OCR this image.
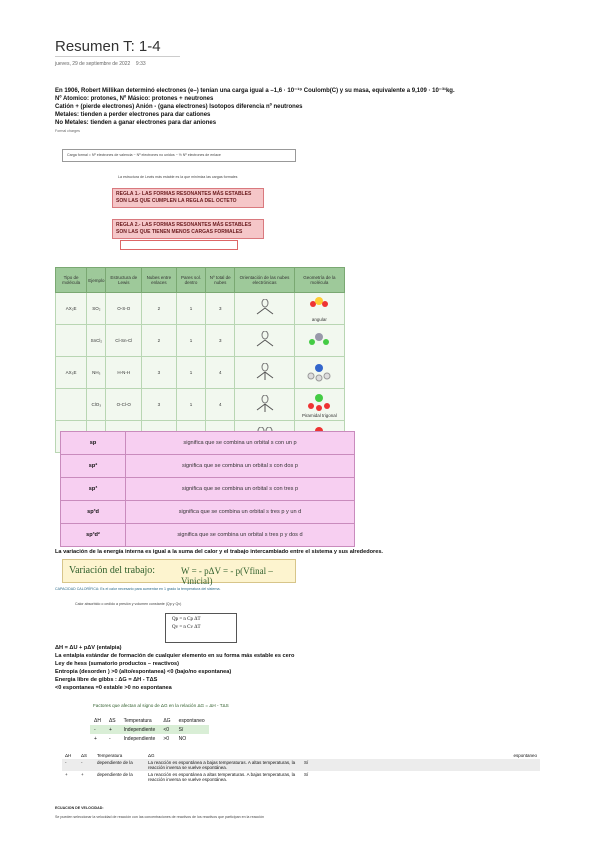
Resumen T: 1-4
jueves, 29 de septiembre de 2022 9:33
En 1906, Robert Millikan determinó electrones (e–) tenían una carga igual a –1,6 · 10⁻¹⁹ Coulomb(C) y su masa, equivalente a 9,109 · 10⁻³¹kg.
Nº Atomico: protones, Nº Másico: protones + neutrones
Catión + (pierde electrones) Anión - (gana electrones) Isotopos diferencia nº neutrones
Metales: tienden a perder electrones para dar cationes
No Metales: tienden a ganar electrones para dar aniones
Formal charges
Carga formal = Nº electrones de valencia − Nº electrones no unidos − ½ Nº electrones de enlace
La estructura de Lewis más estable es la que minimiza las cargas formales
REGLA 1.- LAS FORMAS RESONANTES MÁS ESTABLES
SON LAS QUE CUMPLEN LA REGLA DEL OCTETO
REGLA 2.- LAS FORMAS RESONANTES MÁS ESTABLES
SON LAS QUE TIENEN MENOS CARGAS FORMALES
Tipo de molécula	Ejemplo	Estructura de Lewis	Nubes entre enlaces	Pares sol. dentro	Nº total de nubes	Orientación de las nubes electrónicas	Geometría de la molécula
AX₂E	SO₂	O-S-O	2	1	3		angular

	SnCl₂	Cl-Sn-Cl	2	1	3		

AX₃E	NH₃	H-N-H	3	1	4		

	ClO₃	O-Cl-O	3	1	4		Piramidal trigonal

sp	significa que se combina un orbital s con un p
sp²	significa que se combina un orbital s con dos p
sp³	significa que se combina un orbital s con tres p
sp³d	significa que se combina un orbital s tres p y un d
sp³d²	significa que se combina un orbital s tres p y dos d
La variación de la energía interna es igual a la suma del calor y el trabajo intercambiado entre el sistema y sus alrededores.
Variación del trabajo:	W = - pΔV = - p(Vfinal – Vinicial)
CAPACIDAD CALORÍFICA: Es el calor necesario para aumentar en 1 grado la temperatura del sistema.
Calor absorbido o cedido a presión y volumen constante (Qp y Qv)
Qp = n Cp ΔT
Qv = n Cv ΔT
ΔH = ΔU + pΔV (entalpia)
La entalpía estándar de formación de cualquier elemento en su forma más estable es cero
Ley de hess (sumatorio productos – reactivos)
Entropia (desorden ) >0 (alto/espontanea) <0 (bajo/no espontanea)
Energia libre de gibbs : ΔG = ΔH - TΔS
<0 espontanea =0 estable >0 no espontanea
Factores que afectan al signo de ΔG en la relación ΔG = ΔH - TΔS
ΔH	ΔS	Temperatura	ΔG	espontaneo
-	+	Independiente	<0	Sí
+	-	Independiente	>0	NO
ΔH	ΔS	Temperatura	ΔG	espontaneo
-	-	dependiente de la	La reacción es espontánea a bajas temperaturas. A altas temperaturas, la reacción inversa se vuelve espontánea.	Sí
+	+	dependiente de la	La reacción es espontánea a altas temperaturas. A bajas temperaturas, la reacción inversa se vuelve espontánea.	Sí
ECUACION DE VELOCIDAD:
Se pueden seleccionar la velocidad de reacción con las concentraciones de reactivos de los reactivos que participan en la reacción
